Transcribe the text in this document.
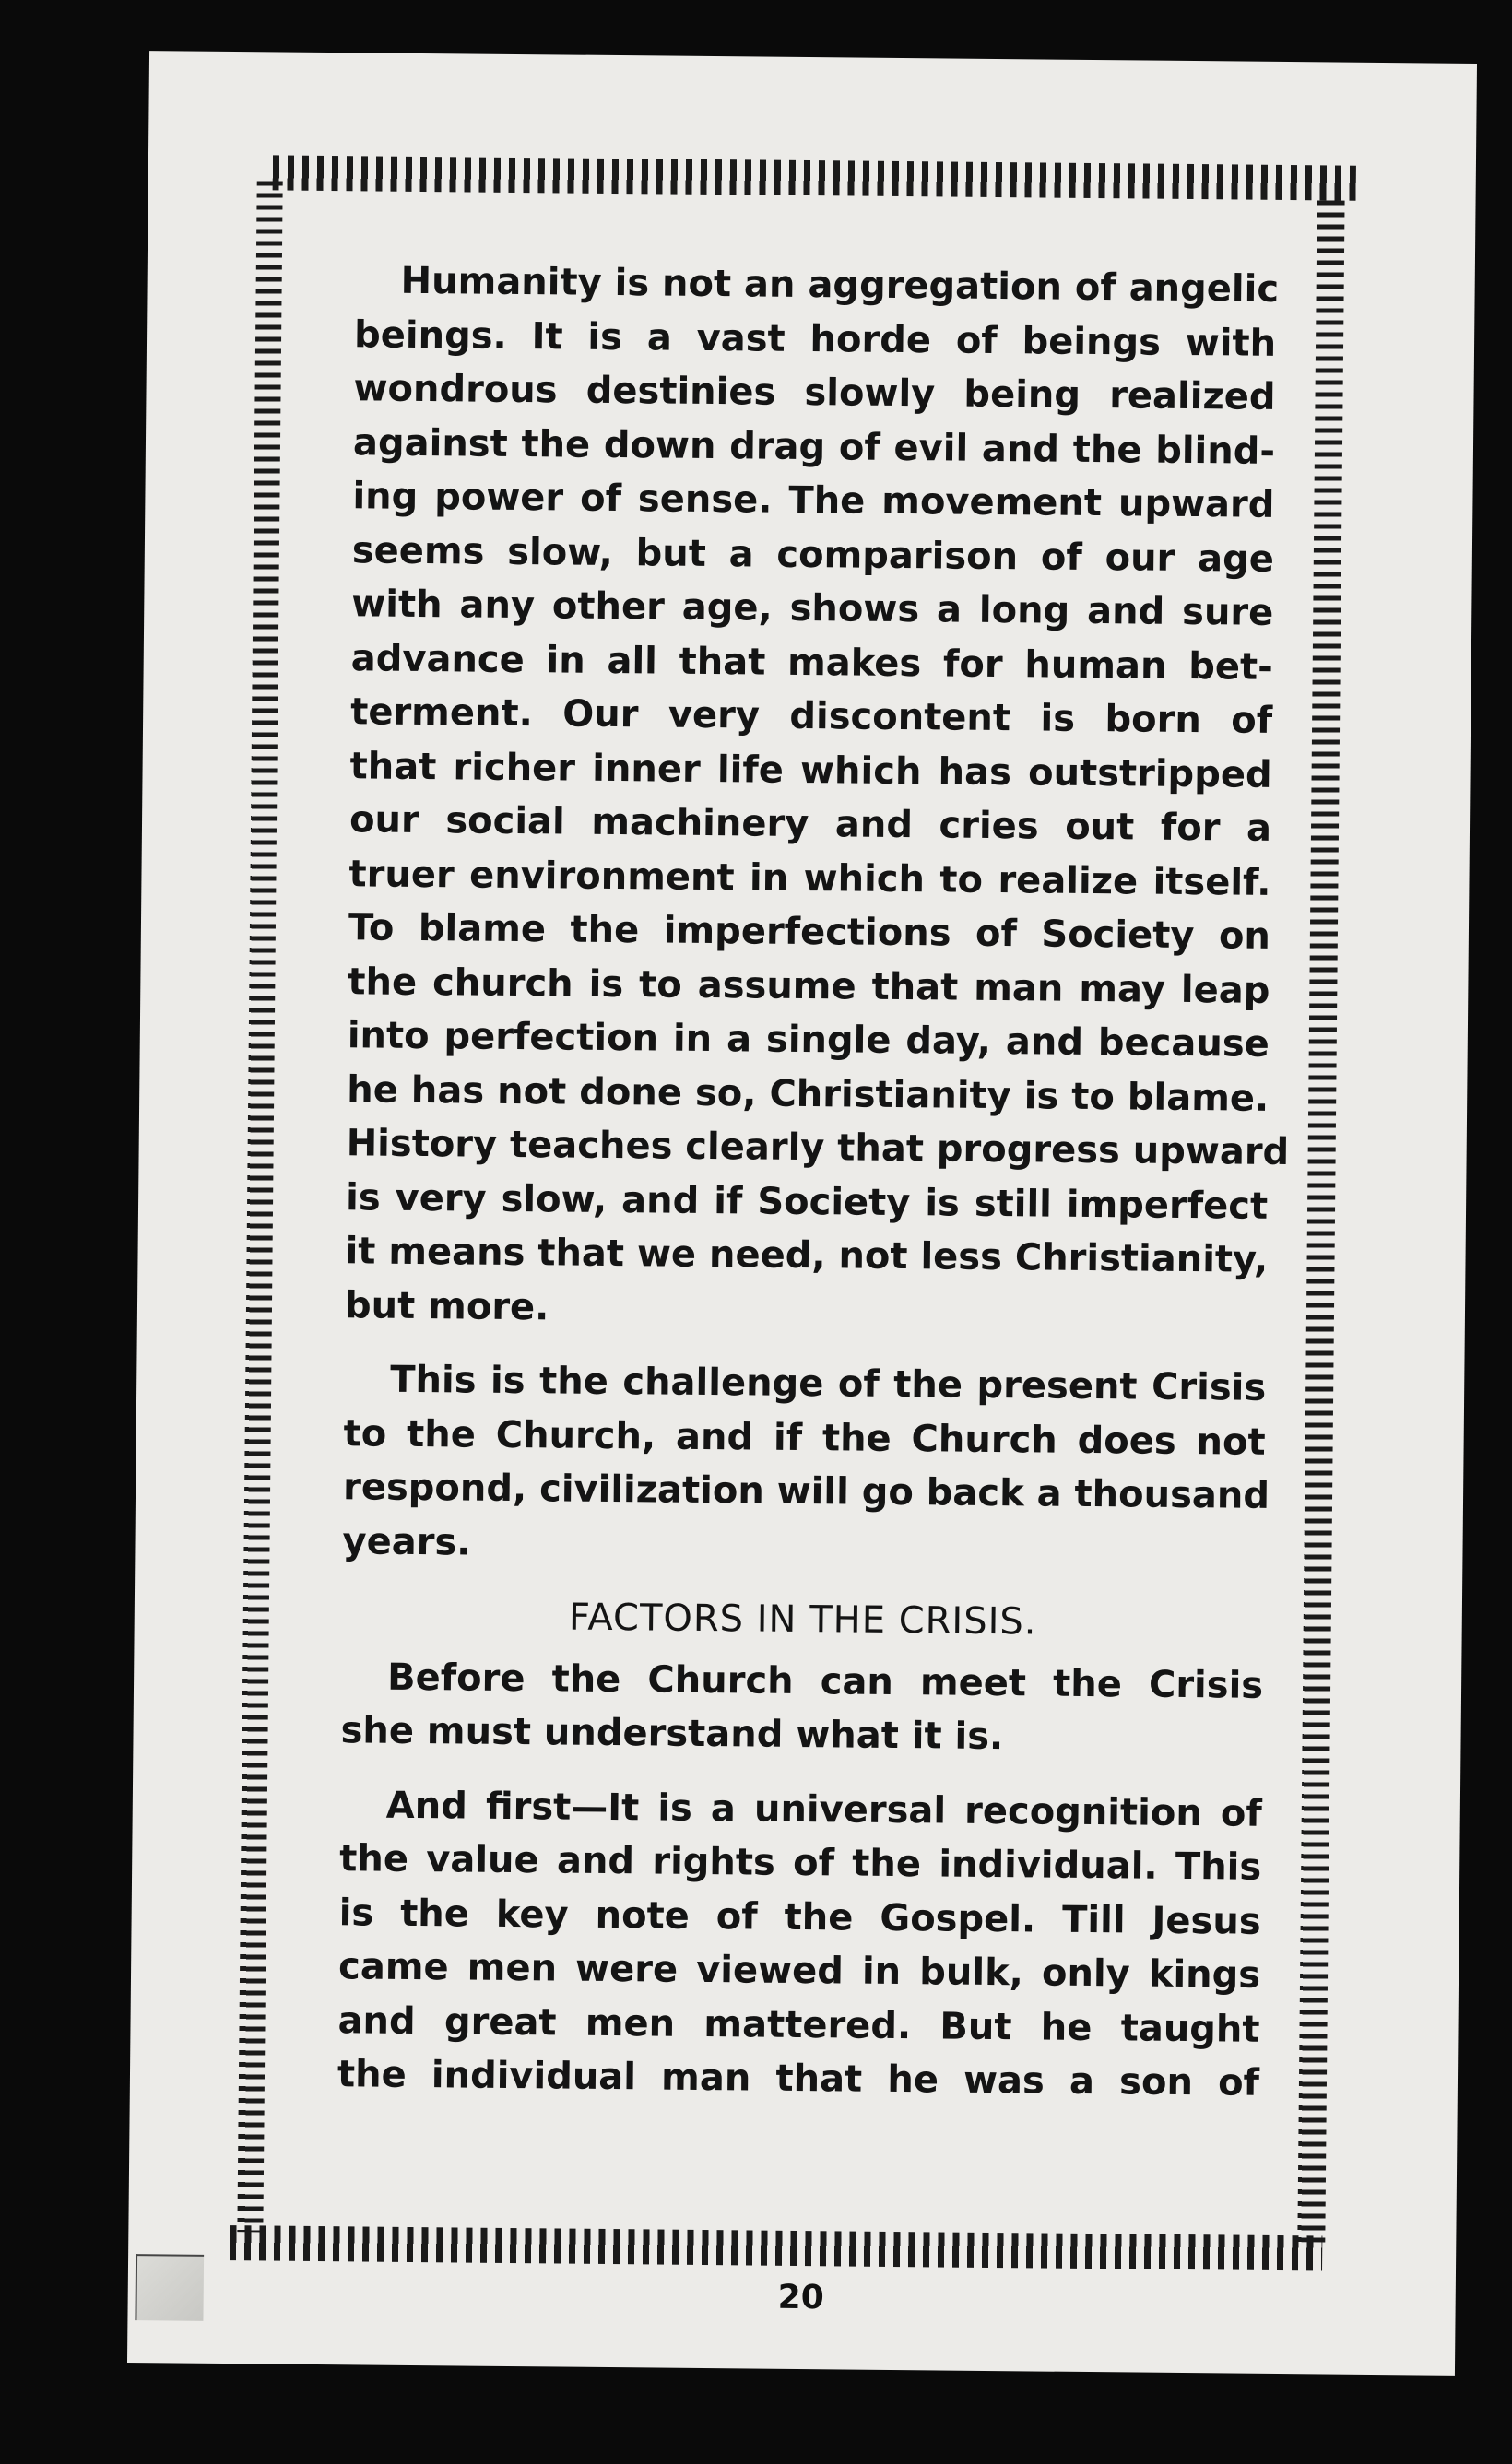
Humanity is not an aggregation of angelic
beings. It is a vast horde of beings with
wondrous destinies slowly being realized
against the down drag of evil and the blind-
ing power of sense. The movement upward
seems slow, but a comparison of our age
with any other age, shows a long and sure
advance in all that makes for human bet-
terment. Our very discontent is born of
that richer inner life which has outstripped
our social machinery and cries out for a
truer environment in which to realize itself.
To blame the imperfections of Society on
the church is to assume that man may leap
into perfection in a single day, and because
he has not done so, Christianity is to blame.
History teaches clearly that progress upward
is very slow, and if Society is still imperfect
it means that we need, not less Christianity,
but more.
This is the challenge of the present Crisis
to the Church, and if the Church does not
respond, civilization will go back a thousand
years.
FACTORS IN THE CRISIS.
Before the Church can meet the Crisis
she must understand what it is.
And first—It is a universal recognition of
the value and rights of the individual. This
is the key note of the Gospel. Till Jesus
came men were viewed in bulk, only kings
and great men mattered. But he taught
the individual man that he was a son of
20
